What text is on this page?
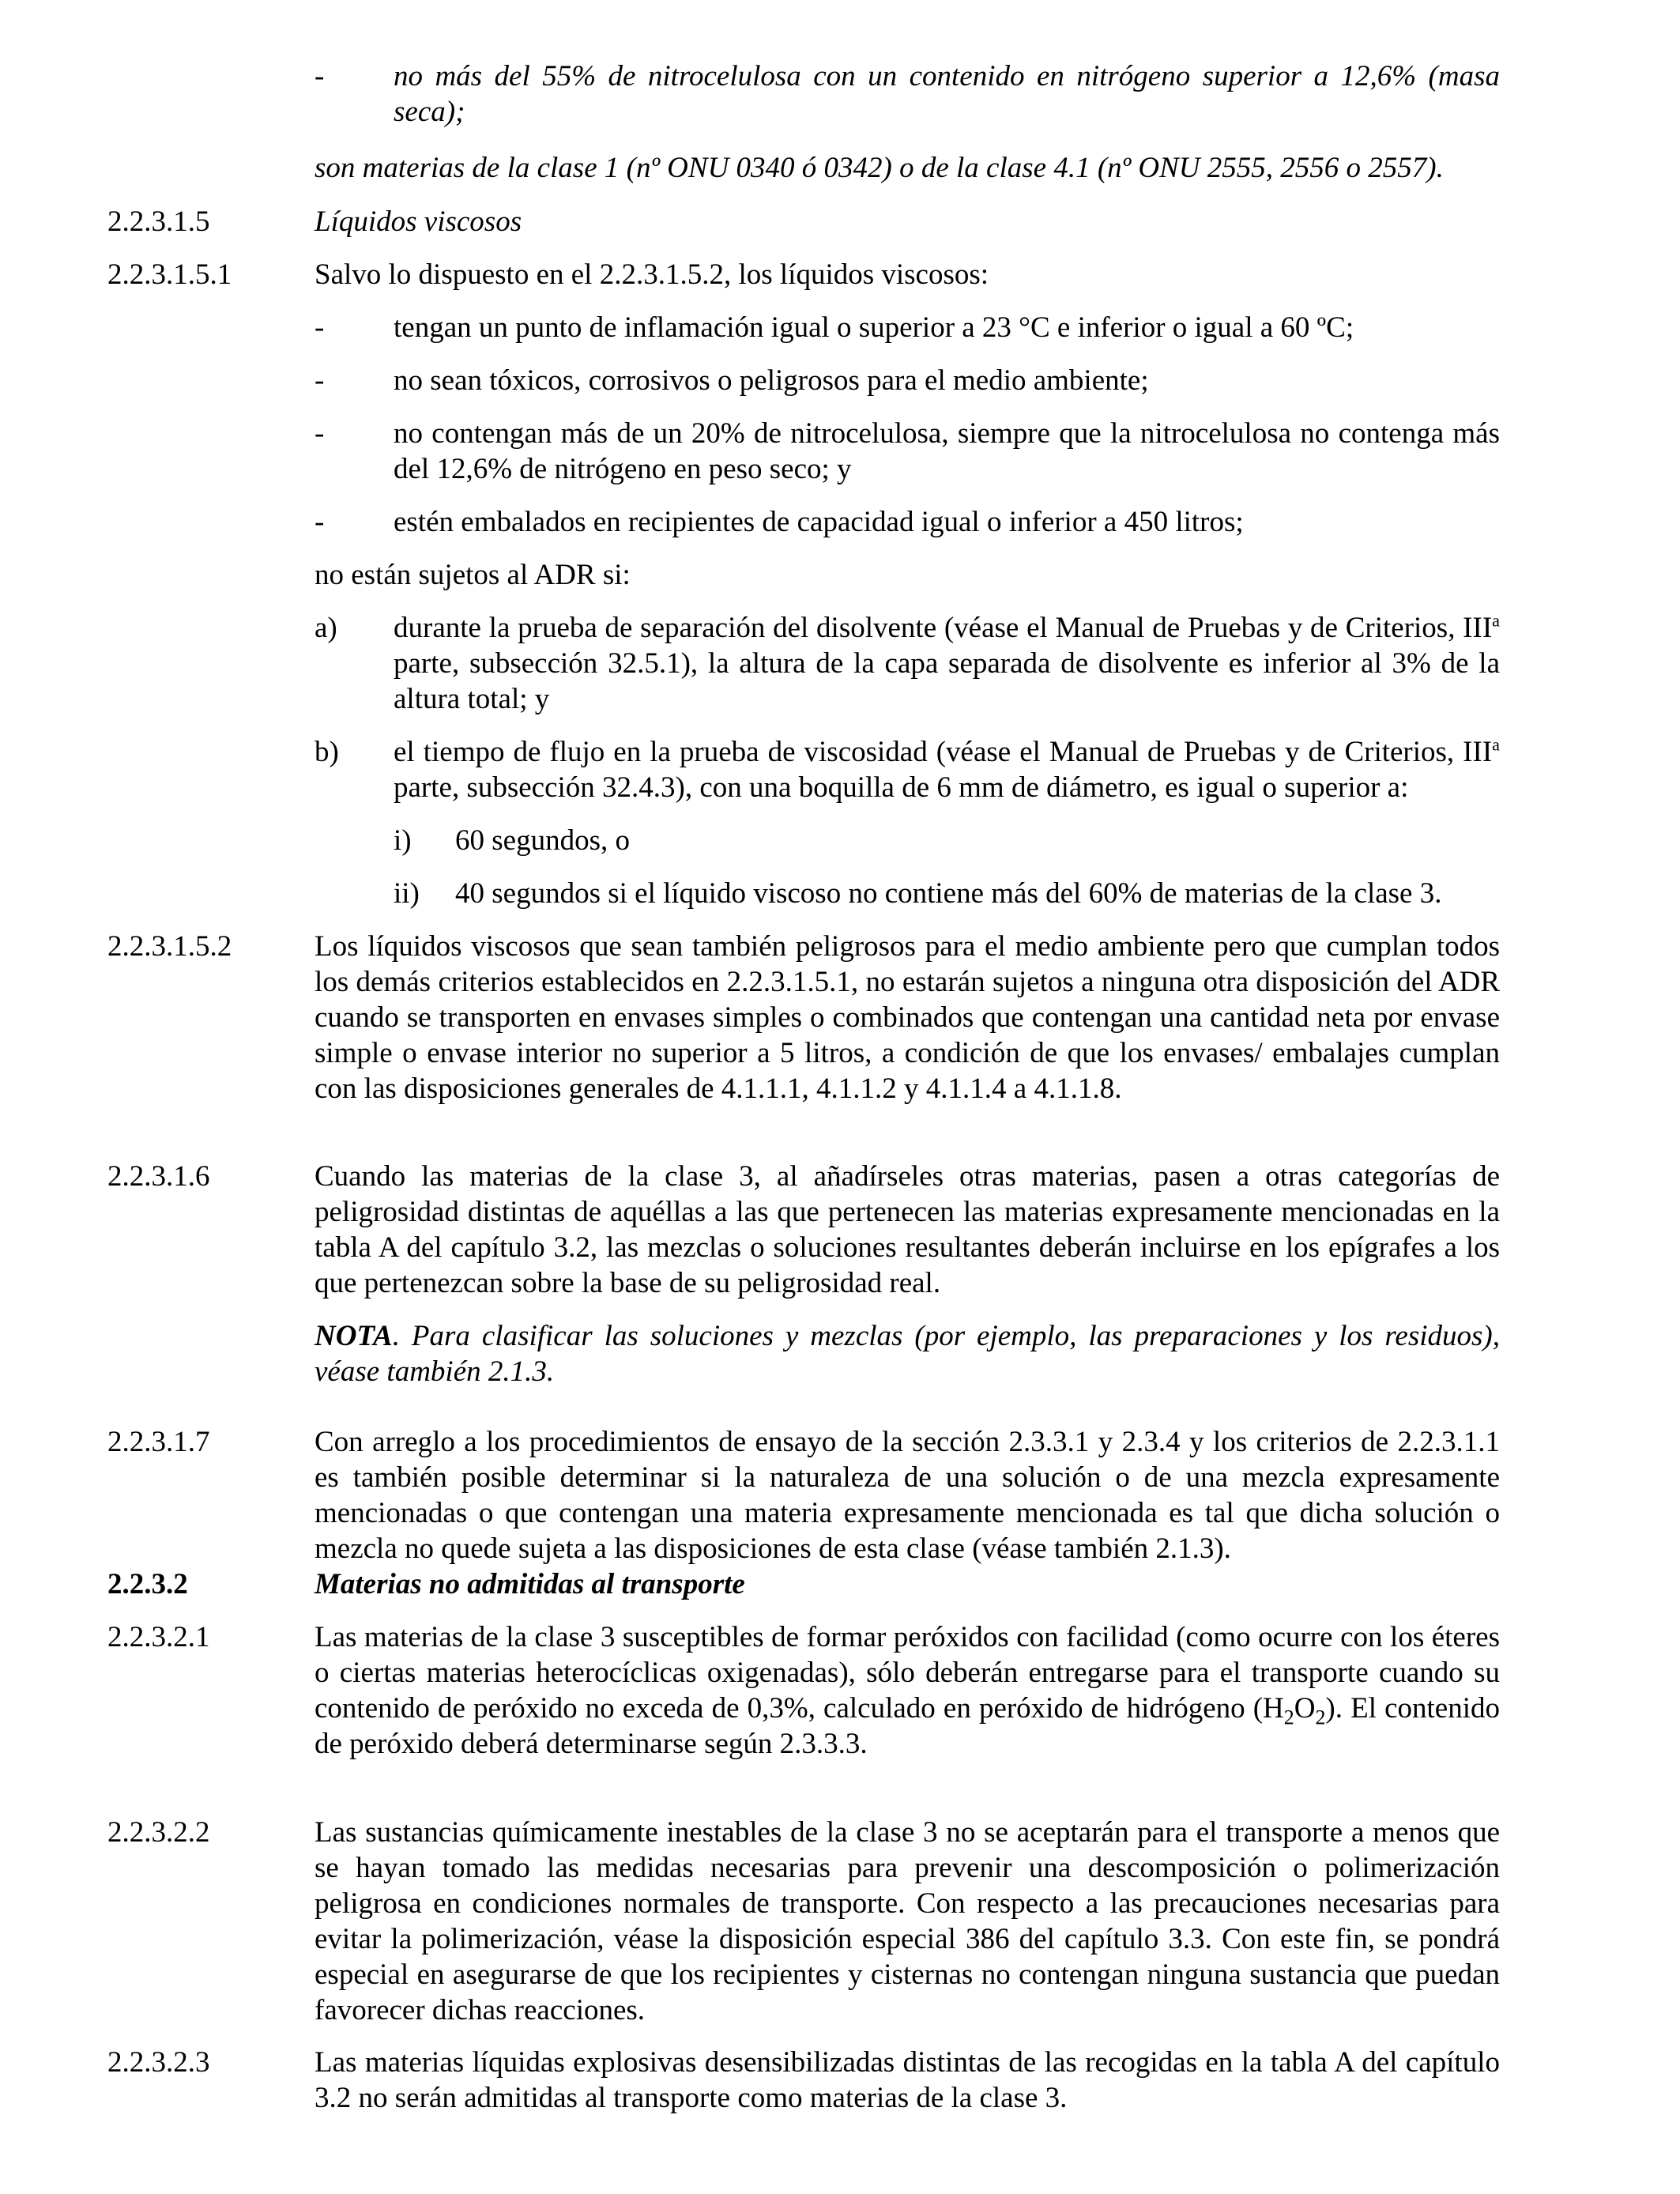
- no más del 55% de nitrocelulosa con un contenido en nitrógeno superior a 12,6% (masa seca);

son materias de la clase 1 (nº ONU 0340 ó 0342) o de la clase 4.1 (nº ONU 2555, 2556 o 2557).

2.2.3.1.5	Líquidos viscosos

2.2.3.1.5.1	Salvo lo dispuesto en el 2.2.3.1.5.2, los líquidos viscosos:

- tengan un punto de inflamación igual o superior a 23 °C e inferior o igual a 60 ºC;

- no sean tóxicos, corrosivos o peligrosos para el medio ambiente;

- no contengan más de un 20% de nitrocelulosa, siempre que la nitrocelulosa no contenga más del 12,6% de nitrógeno en peso seco; y

- estén embalados en recipientes de capacidad igual o inferior a 450 litros;

no están sujetos al ADR si:

a) durante la prueba de separación del disolvente (véase el Manual de Pruebas y de Criterios, III$^a$ parte, subsección 32.5.1), la altura de la capa separada de disolvente es inferior al 3% de la altura total; y

b) el tiempo de flujo en la prueba de viscosidad (véase el Manual de Pruebas y de Criterios, III$^a$ parte, subsección 32.4.3), con una boquilla de 6 mm de diámetro, es igual o superior a:

i) 60 segundos, o

ii) 40 segundos si el líquido viscoso no contiene más del 60% de materias de la clase 3.

2.2.3.1.5.2	Los líquidos viscosos que sean también peligrosos para el medio ambiente pero que cumplan todos los demás criterios establecidos en 2.2.3.1.5.1, no estarán sujetos a ninguna otra disposición del ADR cuando se transporten en envases simples o combinados que contengan una cantidad neta por envase simple o envase interior no superior a 5 litros, a condición de que los envases/ embalajes cumplan con las disposiciones generales de 4.1.1.1, 4.1.1.2 y 4.1.1.4 a 4.1.1.8.

2.2.3.1.6	Cuando las materias de la clase 3, al añadírseles otras materias, pasen a otras categorías de peligrosidad distintas de aquéllas a las que pertenecen las materias expresamente mencionadas en la tabla A del capítulo 3.2, las mezclas o soluciones resultantes deberán incluirse en los epígrafes a los que pertenezcan sobre la base de su peligrosidad real.

NOTA. Para clasificar las soluciones y mezclas (por ejemplo, las preparaciones y los residuos), véase también 2.1.3.

2.2.3.1.7	Con arreglo a los procedimientos de ensayo de la sección 2.3.3.1 y 2.3.4 y los criterios de 2.2.3.1.1 es también posible determinar si la naturaleza de una solución o de una mezcla expresamente mencionadas o que contengan una materia expresamente mencionada es tal que dicha solución o mezcla no quede sujeta a las disposiciones de esta clase (véase también 2.1.3).

2.2.3.2	Materias no admitidas al transporte

2.2.3.2.1	Las materias de la clase 3 susceptibles de formar peróxidos con facilidad (como ocurre con los éteres o ciertas materias heterocíclicas oxigenadas), sólo deberán entregarse para el transporte cuando su contenido de peróxido no exceda de 0,3%, calculado en peróxido de hidrógeno $(H_2O_2)$. El contenido de peróxido deberá determinarse según 2.3.3.3.

2.2.3.2.2	Las sustancias químicamente inestables de la clase 3 no se aceptarán para el transporte a menos que se hayan tomado las medidas necesarias para prevenir una descomposición o polimerización peligrosa en condiciones normales de transporte. Con respecto a las precauciones necesarias para evitar la polimerización, véase la disposición especial 386 del capítulo 3.3. Con este fin, se pondrá especial en asegurarse de que los recipientes y cisternas no contengan ninguna sustancia que puedan favorecer dichas reacciones.

2.2.3.2.3	Las materias líquidas explosivas desensibilizadas distintas de las recogidas en la tabla A del capítulo 3.2 no serán admitidas al transporte como materias de la clase 3.
